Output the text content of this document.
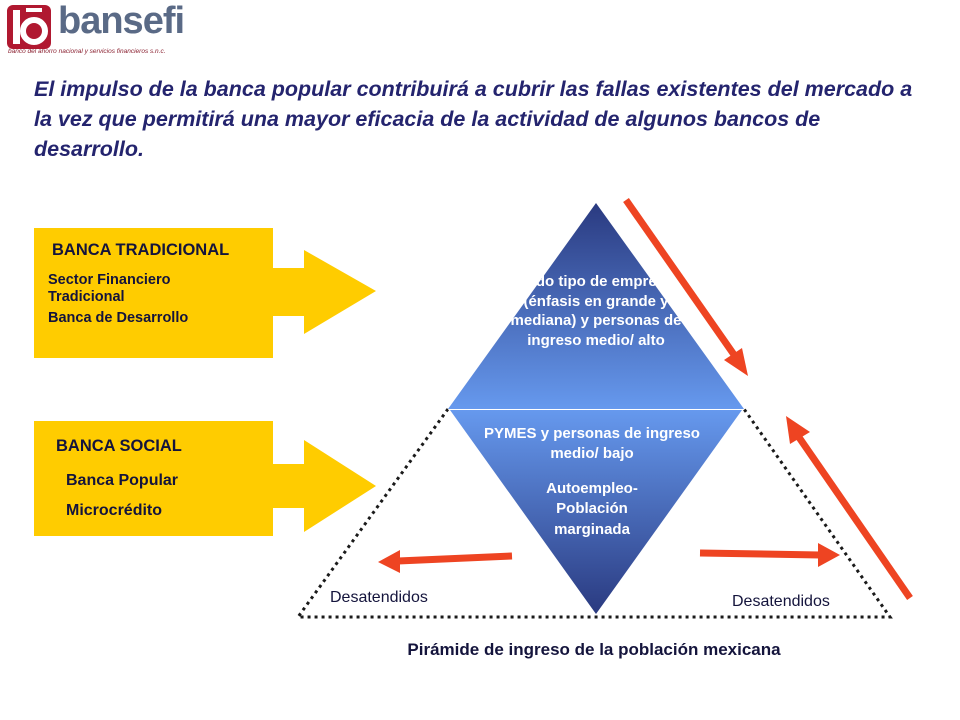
bansefi
banco del ahorro nacional y servicios financieros s.n.c.
El impulso de la banca popular contribuirá a cubrir las fallas existentes del mercado a la vez que permitirá una mayor eficacia de la actividad de algunos bancos de desarrollo.
BANCA TRADICIONAL
Sector Financiero
Tradicional
Banca de Desarrollo
BANCA SOCIAL
Banca Popular
Microcrédito
Todo tipo de empresa (énfasis en grande y mediana) y personas de ingreso medio/ alto
PYMES y personas de ingreso medio/ bajo
Autoempleo- Población marginada
Desatendidos	Desatendidos
Pirámide de ingreso de la población mexicana
